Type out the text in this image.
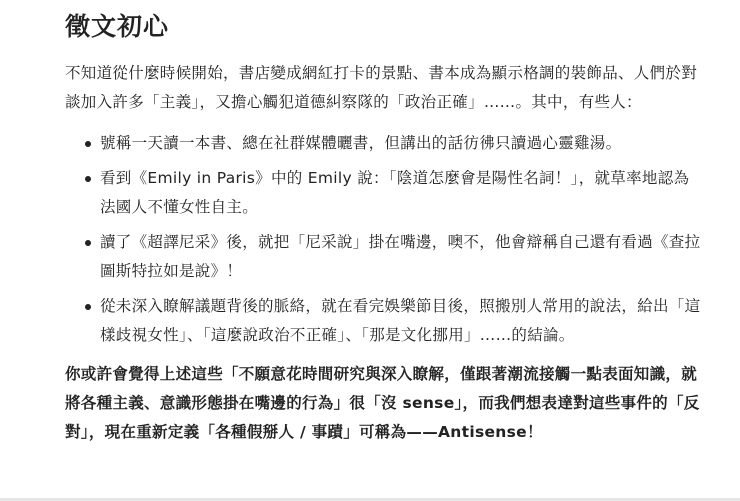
徵文初心

不知道從什麼時候開始，書店變成網紅打卡的景點、書本成為顯示格調的裝飾品、人們於對談加入許多「主義」，又擔心觸犯道德糾察隊的「政治正確」……。其中，有些人：

號稱一天讀一本書、總在社群媒體曬書，但講出的話彷彿只讀過心靈雞湯。
看到《Emily in Paris》中的 Emily 說：「陰道怎麼會是陽性名詞！」，就草率地認為法國人不懂女性自主。
讀了《超譯尼采》後，就把「尼采說」掛在嘴邊，噢不，他會辯稱自己還有看過《查拉圖斯特拉如是說》！
從未深入瞭解議題背後的脈絡，就在看完娛樂節目後，照搬別人常用的說法，給出「這樣歧視女性」、「這麼說政治不正確」、「那是文化挪用」……的結論。

你或許會覺得上述這些「不願意花時間研究與深入瞭解，僅跟著潮流接觸一點表面知識，就將各種主義、意識形態掛在嘴邊的行為」很「沒 sense」，而我們想表達對這些事件的「反對」，現在重新定義「各種假掰人 / 事蹟」可稱為——Antisense！
